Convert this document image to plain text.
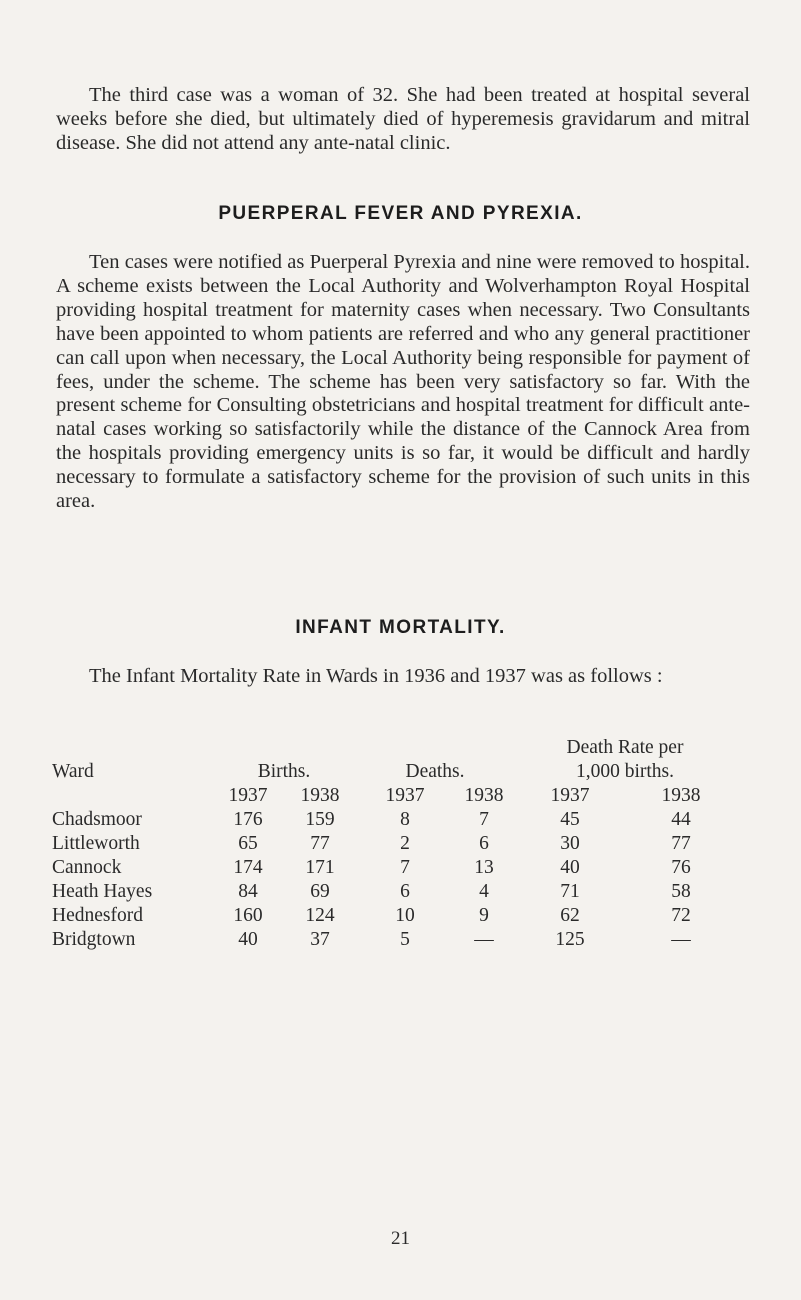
The third case was a woman of 32. She had been treated at hospital several weeks before she died, but ultimately died of hyperemesis gravidarum and mitral disease. She did not attend any ante-natal clinic.

PUERPERAL FEVER AND PYREXIA.

Ten cases were notified as Puerperal Pyrexia and nine were removed to hospital. A scheme exists between the Local Authority and Wolverhampton Royal Hospital providing hospital treatment for maternity cases when necessary. Two Consultants have been appointed to whom patients are referred and who any general practitioner can call upon when necessary, the Local Authority being responsible for payment of fees, under the scheme. The scheme has been very satisfactory so far. With the present scheme for Consulting obstetricians and hospital treatment for difficult ante-natal cases working so satisfactorily while the distance of the Cannock Area from the hospitals providing emergency units is so far, it would be difficult and hardly necessary to formulate a satisfactory scheme for the provision of such units in this area.

INFANT MORTALITY.

The Infant Mortality Rate in Wards in 1936 and 1937 was as follows :

					Death Rate per	
Ward	Births.		Deaths.		1,000 births.	
	1937	1938	1937	1938	1937	1938
Chadsmoor	176	159	8	7	45	44
Littleworth	65	77	2	6	30	77
Cannock	174	171	7	13	40	76
Heath Hayes	84	69	6	4	71	58
Hednesford	160	124	10	9	62	72
Bridgtown	40	37	5	—	125	—
21
